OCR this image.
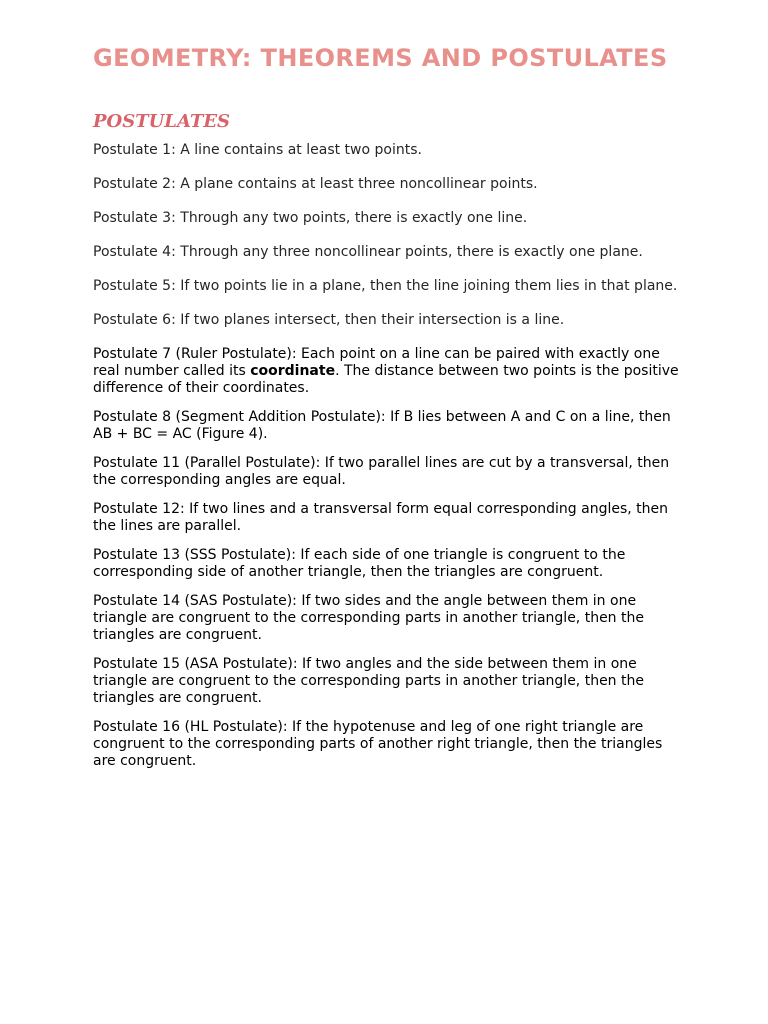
GEOMETRY: THEOREMS AND POSTULATES
POSTULATES

Postulate 1: A line contains at least two points.

Postulate 2: A plane contains at least three noncollinear points.

Postulate 3: Through any two points, there is exactly one line.

Postulate 4: Through any three noncollinear points, there is exactly one plane.

Postulate 5: If two points lie in a plane, then the line joining them lies in that plane.

Postulate 6: If two planes intersect, then their intersection is a line.

Postulate 7 (Ruler Postulate): Each point on a line can be paired with exactly one real number called its coordinate. The distance between two points is the positive difference of their coordinates.

Postulate 8 (Segment Addition Postulate): If B lies between A and C on a line, then AB + BC = AC (Figure 4).

Postulate 11 (Parallel Postulate): If two parallel lines are cut by a transversal, then the corresponding angles are equal.

Postulate 12: If two lines and a transversal form equal corresponding angles, then the lines are parallel.

Postulate 13 (SSS Postulate): If each side of one triangle is congruent to the corresponding side of another triangle, then the triangles are congruent.

Postulate 14 (SAS Postulate): If two sides and the angle between them in one triangle are congruent to the corresponding parts in another triangle, then the triangles are congruent.

Postulate 15 (ASA Postulate): If two angles and the side between them in one triangle are congruent to the corresponding parts in another triangle, then the triangles are congruent.

Postulate 16 (HL Postulate): If the hypotenuse and leg of one right triangle are congruent to the corresponding parts of another right triangle, then the triangles are congruent.
